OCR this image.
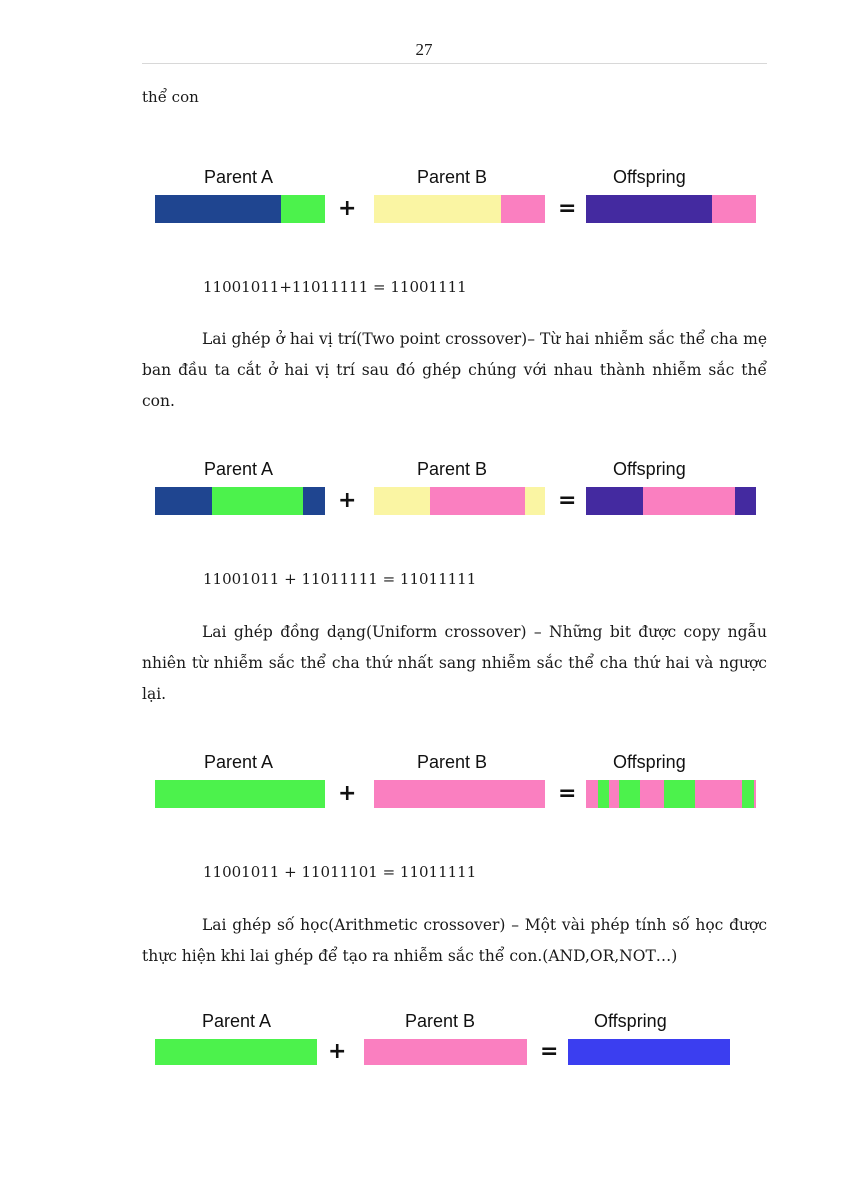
27
thể con
Parent A	Parent B	Offspring
+	=
11001011+11011111 = 11001111
Lai ghép ở hai vị trí(Two point crossover)– Từ hai nhiễm sắc thể cha mẹ ban đầu ta cắt ở hai vị trí sau đó ghép chúng với nhau thành nhiễm sắc thể con.
Parent A	Parent B	Offspring
+	=
11001011 + 11011111 = 11011111
Lai ghép đồng dạng(Uniform crossover) – Những bit được copy ngẫu nhiên từ nhiễm sắc thể cha thứ nhất sang nhiễm sắc thể cha thứ hai và ngược lại.
Parent A	Parent B	Offspring
+	=
11001011 + 11011101 = 11011111
Lai ghép số học(Arithmetic crossover) – Một vài phép tính số học được thực hiện khi lai ghép để tạo ra nhiễm sắc thể con.(AND,OR,NOT…)
Parent A	Parent B	Offspring
+	=
